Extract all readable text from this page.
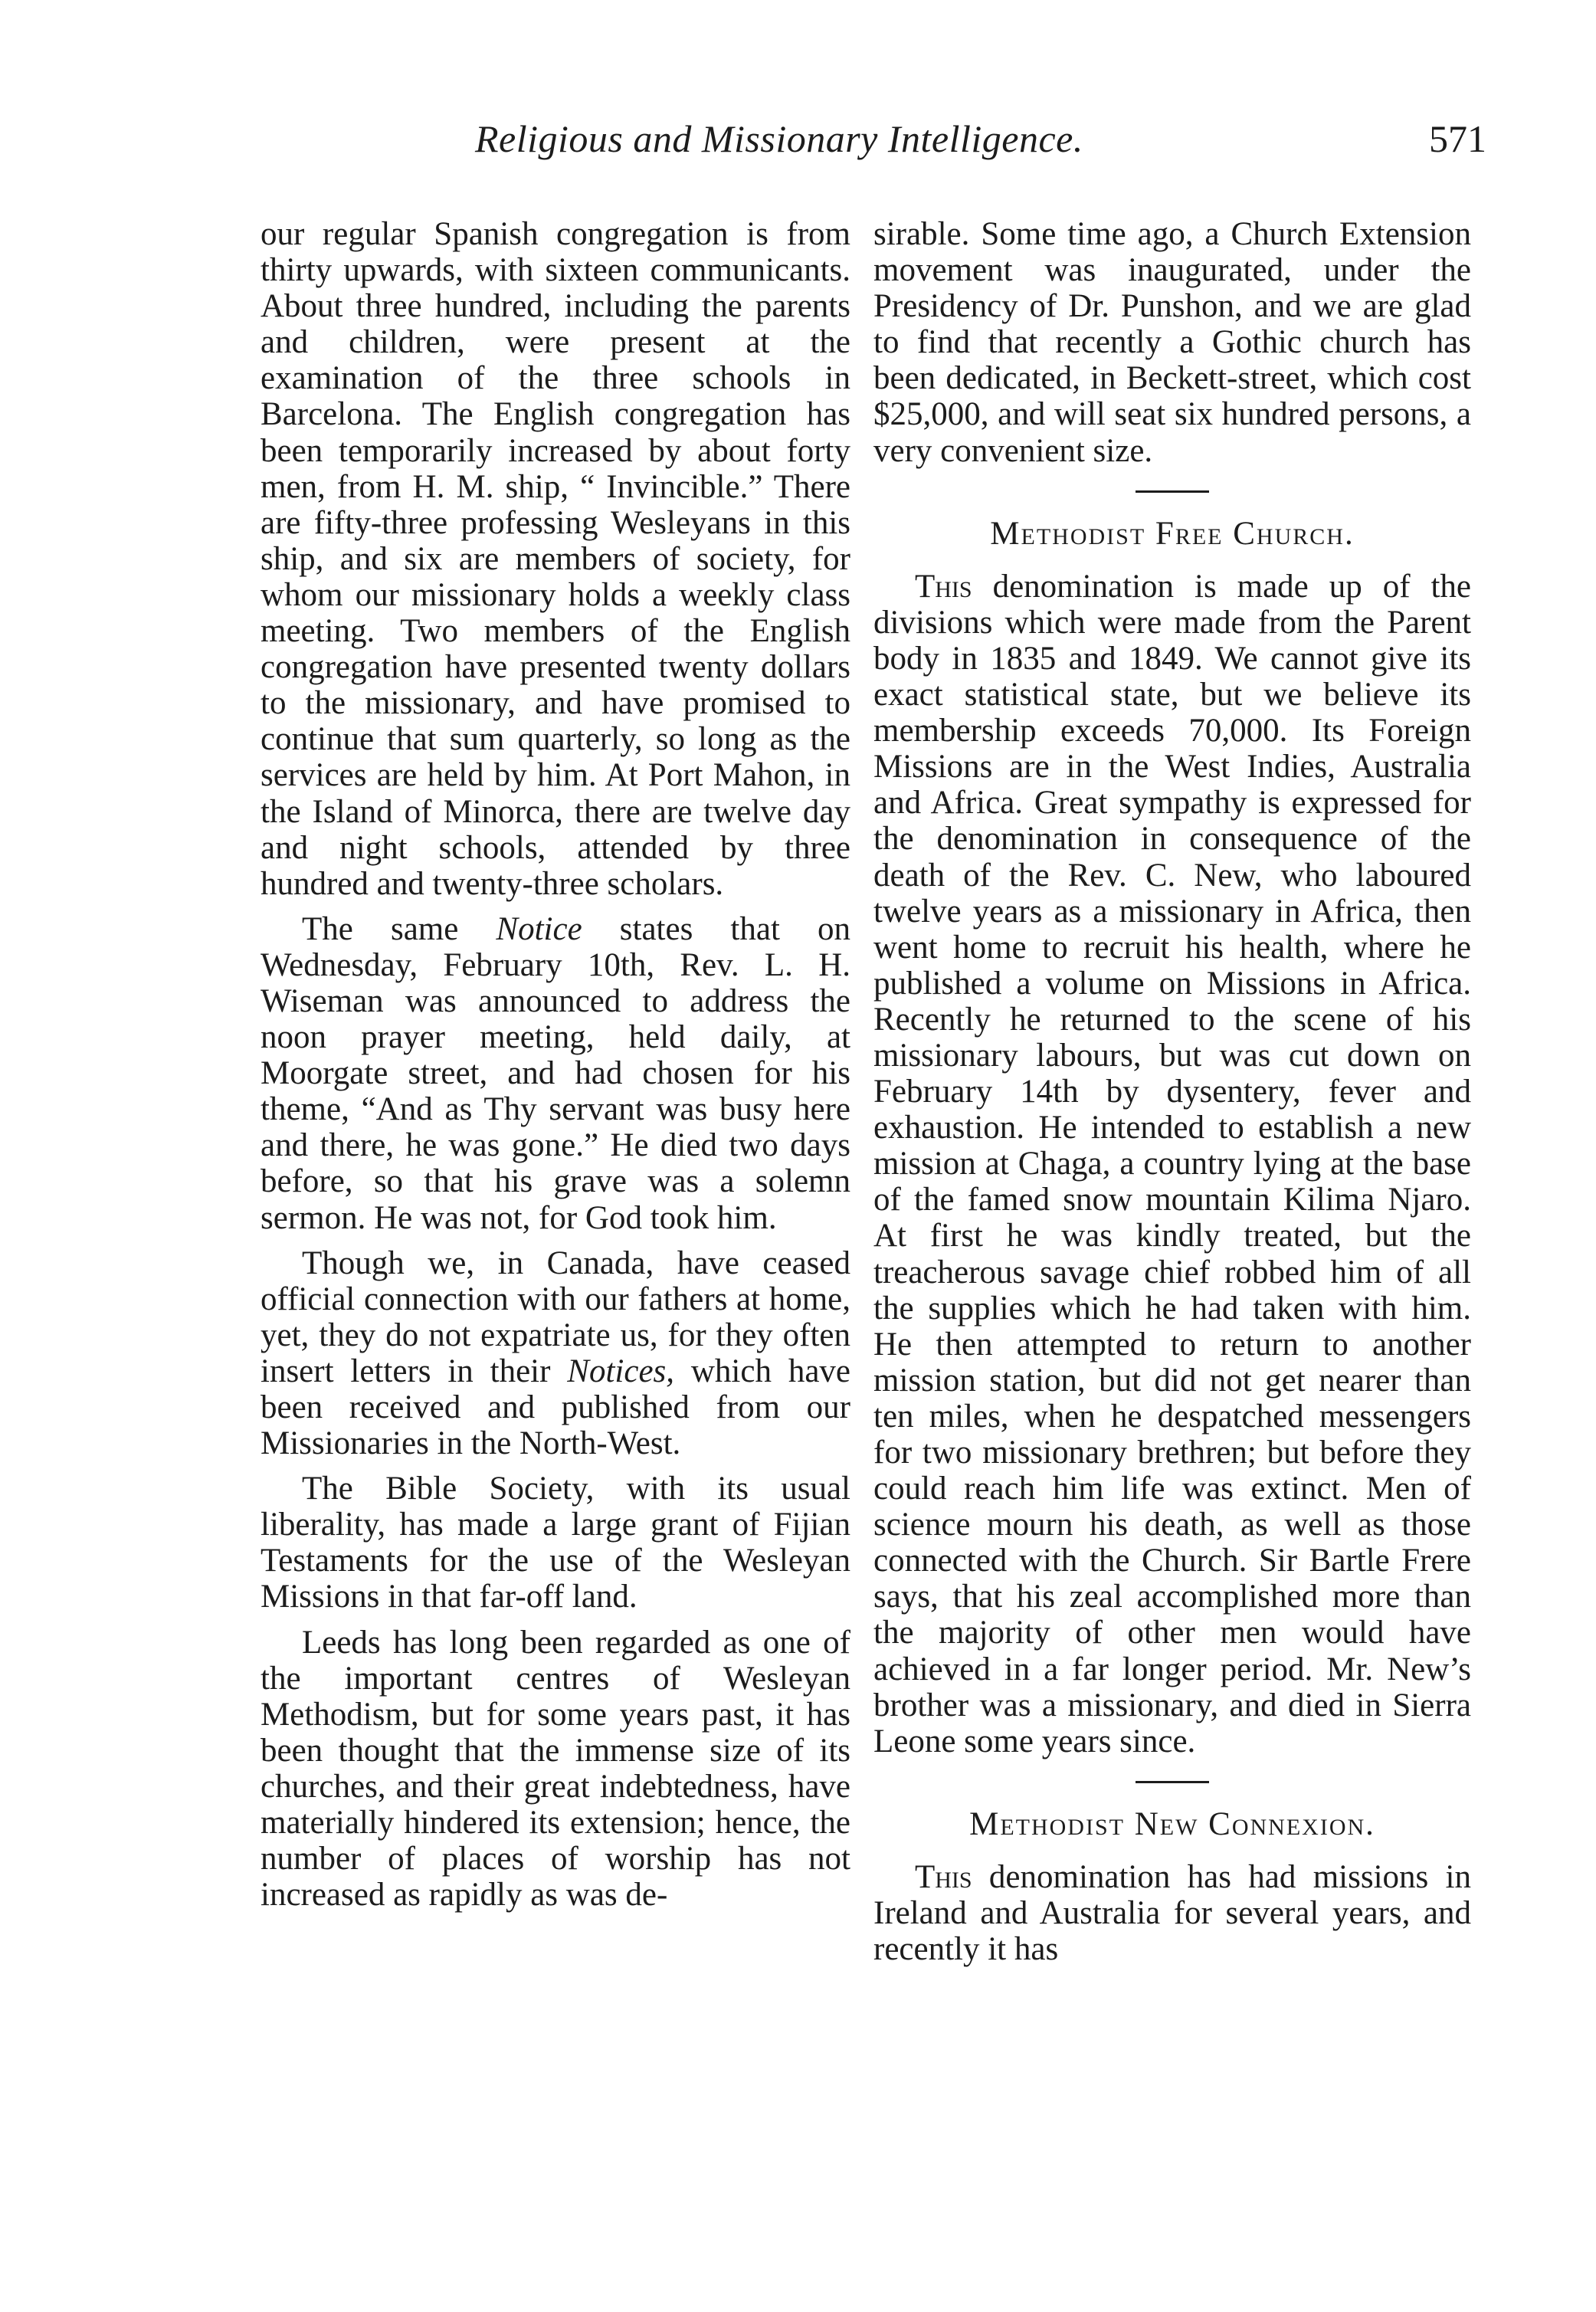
Religious and Missionary Intelligence.	571

our regular Spanish congregation is from thirty upwards, with sixteen communicants. About three hundred, including the parents and children, were present at the examination of the three schools in Barcelona. The English congregation has been temporarily increased by about forty men, from H. M. ship, “ Invincible.” There are fifty-three professing Wesleyans in this ship, and six are members of society, for whom our missionary holds a weekly class meeting. Two members of the English congregation have presented twenty dollars to the missionary, and have promised to continue that sum quarterly, so long as the services are held by him. At Port Mahon, in the Island of Minorca, there are twelve day and night schools, attended by three hundred and twenty-three scholars.

The same Notice states that on Wednesday, February 10th, Rev. L. H. Wiseman was announced to address the noon prayer meeting, held daily, at Moorgate street, and had chosen for his theme, “And as Thy servant was busy here and there, he was gone.” He died two days before, so that his grave was a solemn sermon. He was not, for God took him.

Though we, in Canada, have ceased official connection with our fathers at home, yet, they do not expatriate us, for they often insert letters in their Notices, which have been received and published from our Missionaries in the North-West.

The Bible Society, with its usual liberality, has made a large grant of Fijian Testaments for the use of the Wesleyan Missions in that far-off land.

Leeds has long been regarded as one of the important centres of Wesleyan Methodism, but for some years past, it has been thought that the immense size of its churches, and their great indebtedness, have materially hindered its extension; hence, the number of places of worship has not increased as rapidly as was de-

sirable. Some time ago, a Church Extension movement was inaugurated, under the Presidency of Dr. Punshon, and we are glad to find that recently a Gothic church has been dedicated, in Beckett-street, which cost $25,000, and will seat six hundred persons, a very convenient size.

Methodist Free Church.

This denomination is made up of the divisions which were made from the Parent body in 1835 and 1849. We cannot give its exact statistical state, but we believe its membership exceeds 70,000. Its Foreign Missions are in the West Indies, Australia and Africa. Great sympathy is expressed for the denomination in consequence of the death of the Rev. C. New, who laboured twelve years as a missionary in Africa, then went home to recruit his health, where he published a volume on Missions in Africa. Recently he returned to the scene of his missionary labours, but was cut down on February 14th by dysentery, fever and exhaustion. He intended to establish a new mission at Chaga, a country lying at the base of the famed snow mountain Kilima Njaro. At first he was kindly treated, but the treacherous savage chief robbed him of all the supplies which he had taken with him. He then attempted to return to another mission station, but did not get nearer than ten miles, when he despatched messengers for two missionary brethren; but before they could reach him life was extinct. Men of science mourn his death, as well as those connected with the Church. Sir Bartle Frere says, that his zeal accomplished more than the majority of other men would have achieved in a far longer period. Mr. New’s brother was a missionary, and died in Sierra Leone some years since.

Methodist New Connexion.

This denomination has had missions in Ireland and Australia for several years, and recently it has
